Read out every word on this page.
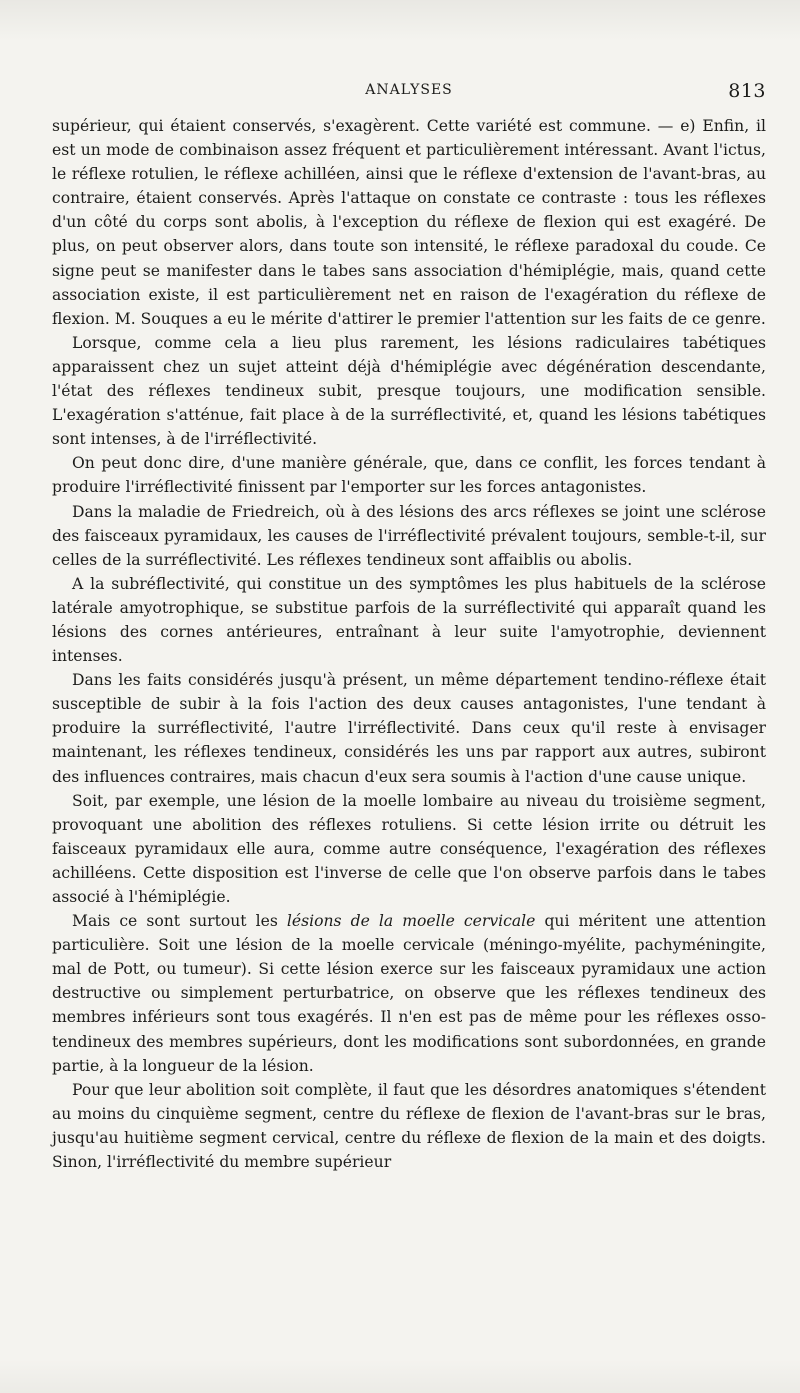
ANALYSES	813

supérieur, qui étaient conservés, s'exagèrent. Cette variété est commune. — e) Enfin, il est un mode de combinaison assez fréquent et particulièrement intéressant. Avant l'ictus, le réflexe rotulien, le réflexe achilléen, ainsi que le réflexe d'extension de l'avant-bras, au contraire, étaient conservés. Après l'attaque on constate ce contraste : tous les réflexes d'un côté du corps sont abolis, à l'exception du réflexe de flexion qui est exagéré. De plus, on peut observer alors, dans toute son intensité, le réflexe paradoxal du coude. Ce signe peut se manifester dans le tabes sans association d'hémiplégie, mais, quand cette association existe, il est particulièrement net en raison de l'exagération du réflexe de flexion. M. Souques a eu le mérite d'attirer le premier l'attention sur les faits de ce genre.

Lorsque, comme cela a lieu plus rarement, les lésions radiculaires tabétiques apparaissent chez un sujet atteint déjà d'hémiplégie avec dégénération descendante, l'état des réflexes tendineux subit, presque toujours, une modification sensible. L'exagération s'atténue, fait place à de la surréflectivité, et, quand les lésions tabétiques sont intenses, à de l'irréflectivité.

On peut donc dire, d'une manière générale, que, dans ce conflit, les forces tendant à produire l'irréflectivité finissent par l'emporter sur les forces antagonistes.

Dans la maladie de Friedreich, où à des lésions des arcs réflexes se joint une sclérose des faisceaux pyramidaux, les causes de l'irréflectivité prévalent toujours, semble-t-il, sur celles de la surréflectivité. Les réflexes tendineux sont affaiblis ou abolis.

A la subréflectivité, qui constitue un des symptômes les plus habituels de la sclérose latérale amyotrophique, se substitue parfois de la surréflectivité qui apparaît quand les lésions des cornes antérieures, entraînant à leur suite l'amyotrophie, deviennent intenses.

Dans les faits considérés jusqu'à présent, un même département tendino-réflexe était susceptible de subir à la fois l'action des deux causes antagonistes, l'une tendant à produire la surréflectivité, l'autre l'irréflectivité. Dans ceux qu'il reste à envisager maintenant, les réflexes tendineux, considérés les uns par rapport aux autres, subiront des influences contraires, mais chacun d'eux sera soumis à l'action d'une cause unique.

Soit, par exemple, une lésion de la moelle lombaire au niveau du troisième segment, provoquant une abolition des réflexes rotuliens. Si cette lésion irrite ou détruit les faisceaux pyramidaux elle aura, comme autre conséquence, l'exagération des réflexes achilléens. Cette disposition est l'inverse de celle que l'on observe parfois dans le tabes associé à l'hémiplégie.

Mais ce sont surtout les lésions de la moelle cervicale qui méritent une attention particulière. Soit une lésion de la moelle cervicale (méningo-myélite, pachyméningite, mal de Pott, ou tumeur). Si cette lésion exerce sur les faisceaux pyramidaux une action destructive ou simplement perturbatrice, on observe que les réflexes tendineux des membres inférieurs sont tous exagérés. Il n'en est pas de même pour les réflexes osso-tendineux des membres supérieurs, dont les modifications sont subordonnées, en grande partie, à la longueur de la lésion.

Pour que leur abolition soit complète, il faut que les désordres anatomiques s'étendent au moins du cinquième segment, centre du réflexe de flexion de l'avant-bras sur le bras, jusqu'au huitième segment cervical, centre du réflexe de flexion de la main et des doigts. Sinon, l'irréflectivité du membre supérieur
